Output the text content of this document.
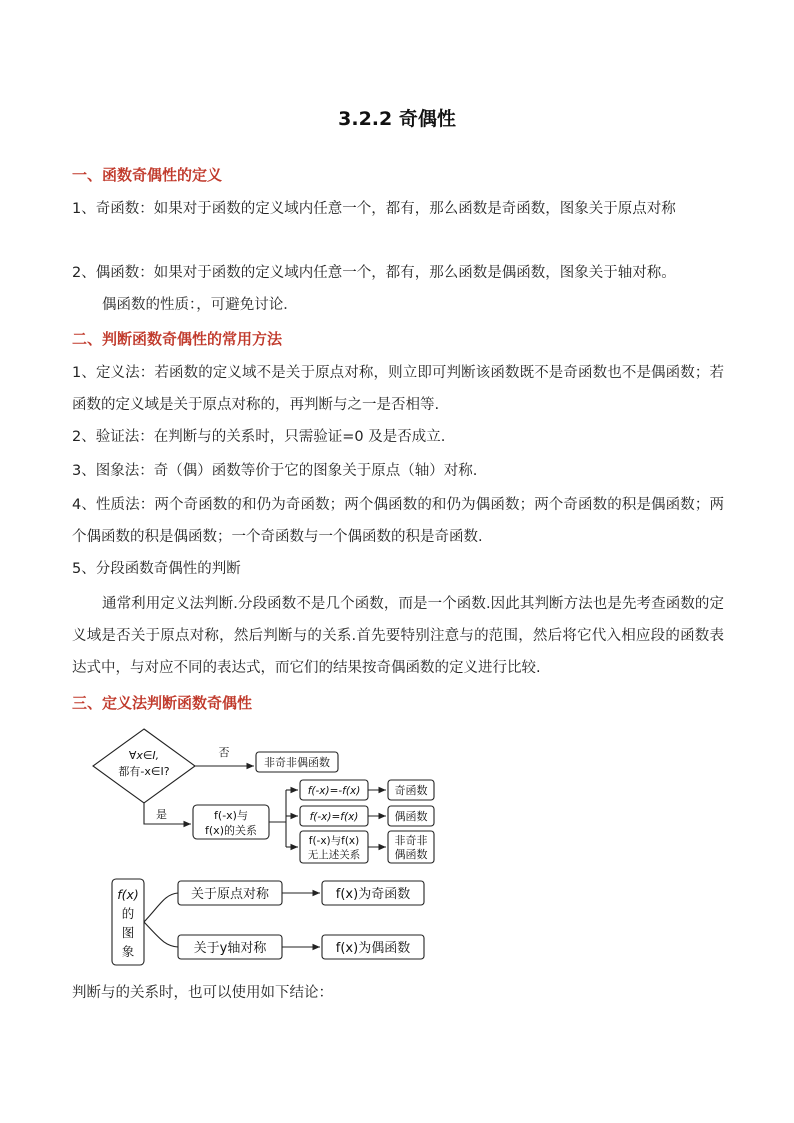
3.2.2 奇偶性
一、函数奇偶性的定义
1、奇函数：如果对于函数的定义域内任意一个，都有，那么函数是奇函数，图象关于原点对称
2、偶函数：如果对于函数的定义域内任意一个，都有，那么函数是偶函数，图象关于轴对称。
偶函数的性质：，可避免讨论．
二、判断函数奇偶性的常用方法
1、定义法：若函数的定义域不是关于原点对称，则立即可判断该函数既不是奇函数也不是偶函数；若函数的定义域是关于原点对称的，再判断与之一是否相等.
2、验证法：在判断与的关系时，只需验证=0 及是否成立.
3、图象法：奇（偶）函数等价于它的图象关于原点（轴）对称.
4、性质法：两个奇函数的和仍为奇函数；两个偶函数的和仍为偶函数；两个奇函数的积是偶函数；两个偶函数的积是偶函数；一个奇函数与一个偶函数的积是奇函数.
5、分段函数奇偶性的判断
通常利用定义法判断.分段函数不是几个函数，而是一个函数.因此其判断方法也是先考查函数的定义域是否关于原点对称，然后判断与的关系.首先要特别注意与的范围，然后将它代入相应段的函数表达式中，与对应不同的表达式，而它们的结果按奇偶函数的定义进行比较.
三、定义法判断函数奇偶性
∀x∈I,
都有-x∈I?
否
非奇非偶函数
是	f(-x)与
f(x)的关系
f(-x)=-f(x)
f(-x)=f(x)
f(-x)与f(x)
无上述关系
奇函数
偶函数
非奇非
偶函数
f(x)
的
图
象
关于原点对称
关于y轴对称
f(x)为奇函数
f(x)为偶函数
判断与的关系时，也可以使用如下结论：
